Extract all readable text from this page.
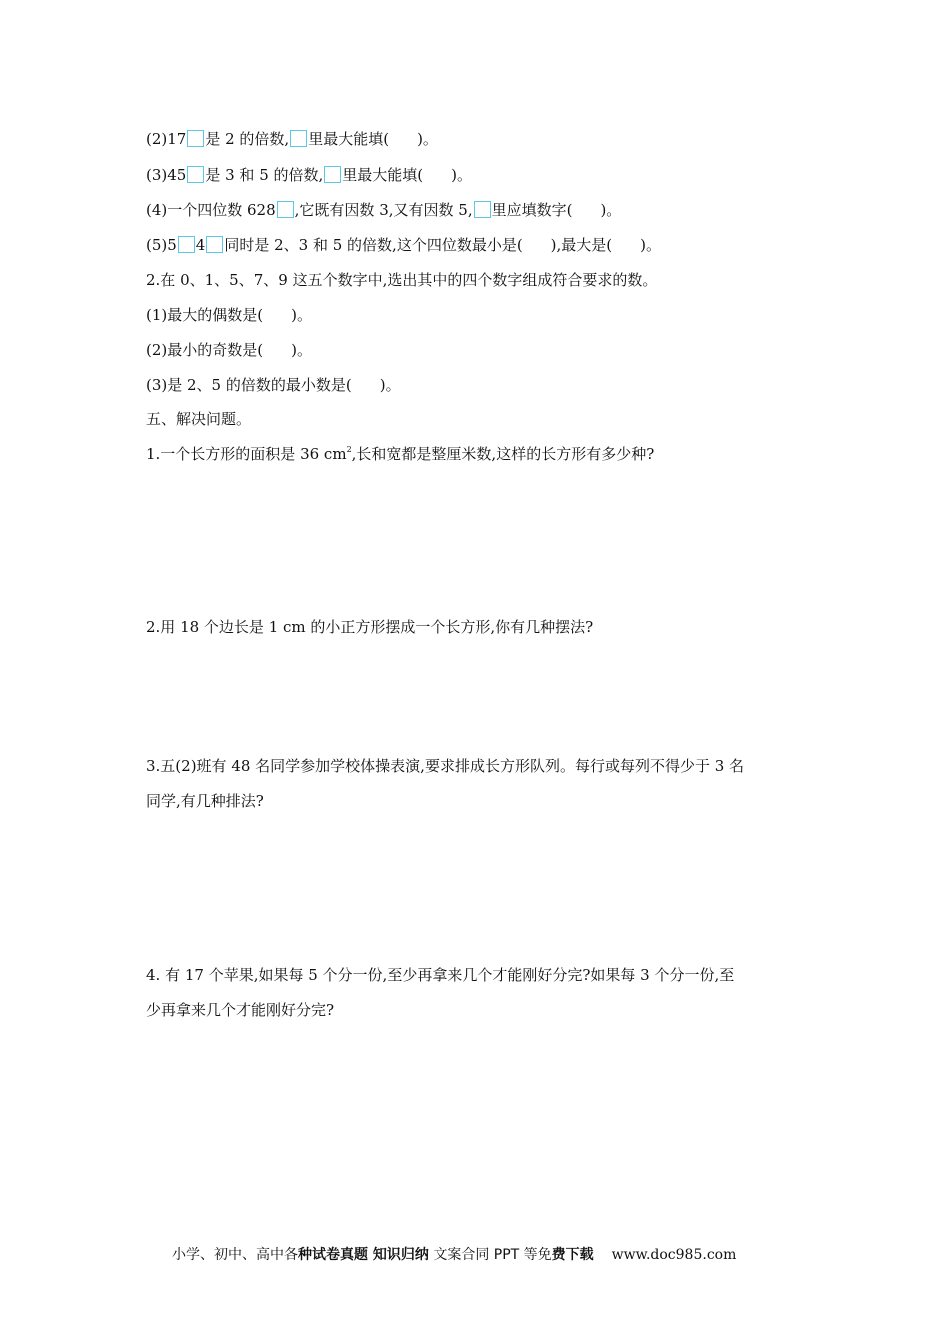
(2)17 是 2 的倍数, 里最大能填( )。
(3)45 是 3 和 5 的倍数, 里最大能填( )。
(4)一个四位数 628 ,它既有因数 3,又有因数 5, 里应填数字( )。
(5)5 4 同时是 2、3 和 5 的倍数,这个四位数最小是( ),最大是( )。
2.在 0、1、5、7、9 这五个数字中,选出其中的四个数字组成符合要求的数。
(1)最大的偶数是( )。
(2)最小的奇数是( )。
(3)是 2、5 的倍数的最小数是( )。
五、解决问题。
1.一个长方形的面积是 36 $cm^2$,长和宽都是整厘米数,这样的长方形有多少种?
2.用 18 个边长是 1 cm 的小正方形摆成一个长方形,你有几种摆法?
3.五(2)班有 48 名同学参加学校体操表演,要求排成长方形队列。每行或每列不得少于 3 名
同学,有几种排法?
4. 有 17 个苹果,如果每 5 个分一份,至少再拿来几个才能刚好分完?如果每 3 个分一份,至
少再拿来几个才能刚好分完?
小学、初中、高中各种试卷真题 知识归纳 文案合同 PPT 等免费下载 www.doc985.com
